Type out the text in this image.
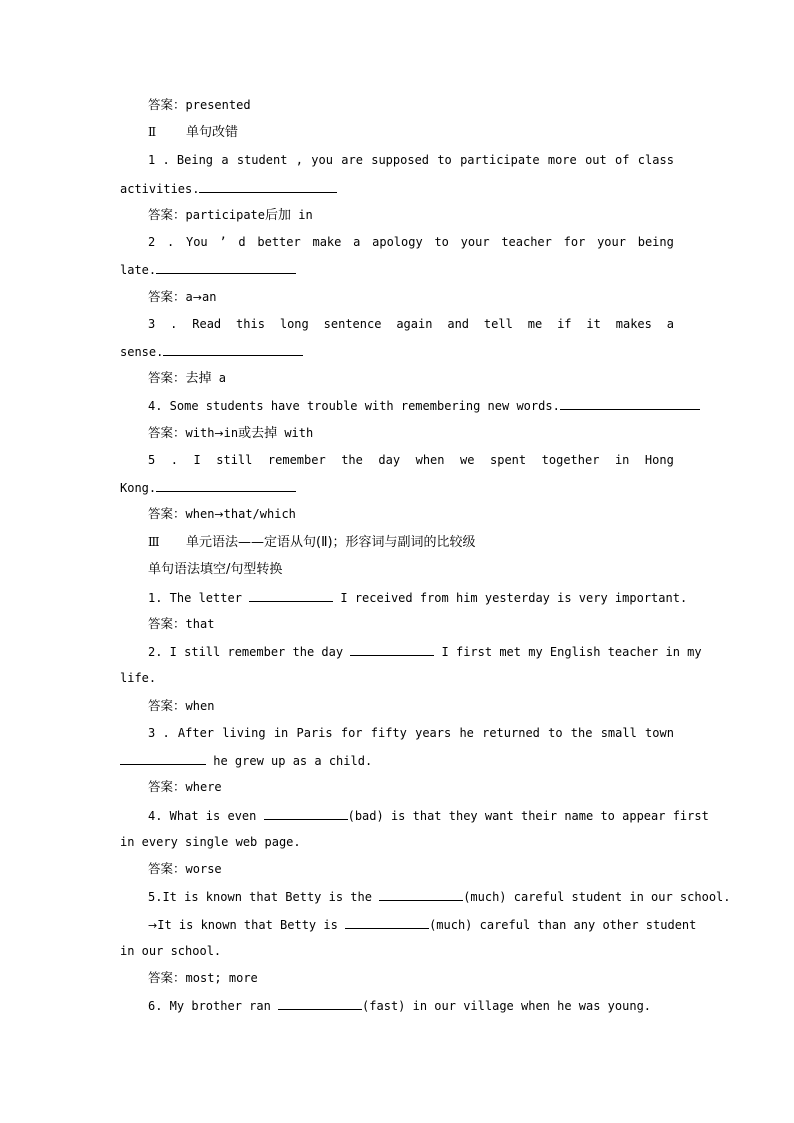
答案：presented
Ⅱ 单句改错
1 . Being a student , you are supposed to participate more out of class
activities.
答案：participate后加 in
2 . You ’ d better make a apology to your teacher for your being
late.
答案：a→an
3 . Read this long sentence again and tell me if it makes a
sense.
答案：去掉 a
4. Some students have trouble with remembering new words.
答案：with→in或去掉 with
5 . I still remember the day when we spent together in Hong
Kong.
答案：when→that/which
Ⅲ 单元语法——定语从句(Ⅱ)；形容词与副词的比较级
单句语法填空/句型转换
1. The letter	I received from him yesterday is very important.
答案：that
2. I still remember the day	I first met my English teacher in my
life.
答案：when
3 . After living in Paris for fifty years he returned to the small town
he grew up as a child.
答案：where
4. What is even	(bad) is that they want their name to appear first
in every single web page.
答案：worse
5.It is known that Betty is the	(much) careful student in our school.
→It is known that Betty is	(much) careful than any other student
in our school.
答案：most; more
6. My brother ran	(fast) in our village when he was young.
